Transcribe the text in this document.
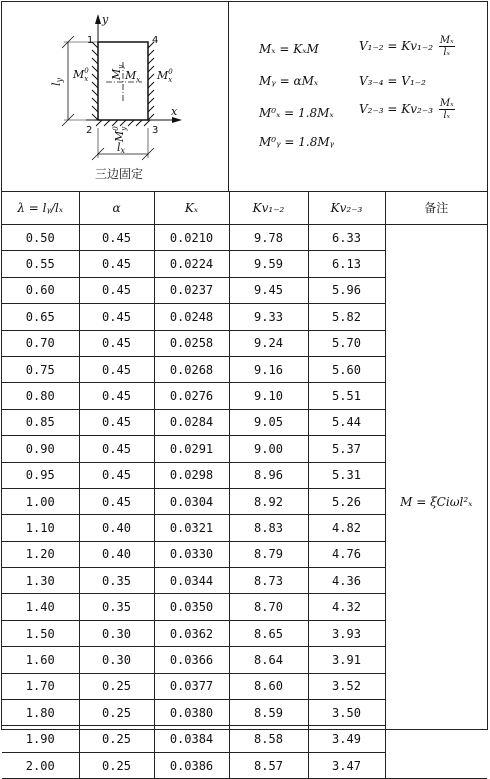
y
x
1	4
2	3
ly
lx
$M_x0$ $M_y$
$M_x$ $M_x0$
$M_y0$
三边固定
Mₓ = KₓM
Mᵧ = αMₓ
M⁰ₓ = 1.8Mₓ
M⁰ᵧ = 1.8Mᵧ
$V_{1-2} = Kv_{1-2} \frac{\text{Mₓ}}{\text{lₓ}}$
V₃₋₄ = V₁₋₂
$V_{2-3} = Kv_{2-3} \frac{\text{Mₓ}}{\text{lₓ}}$
λ = lᵧ/lₓ	α	Kₓ	Kv₁₋₂	Kv₂₋₃	备注
0.50	0.45	0.0210	9.78	6.33	M = ξCiωl²ₓ
0.55	0.45	0.0224	9.59	6.13	
0.60	0.45	0.0237	9.45	5.96	
0.65	0.45	0.0248	9.33	5.82	
0.70	0.45	0.0258	9.24	5.70	
0.75	0.45	0.0268	9.16	5.60	
0.80	0.45	0.0276	9.10	5.51	
0.85	0.45	0.0284	9.05	5.44	
0.90	0.45	0.0291	9.00	5.37	
0.95	0.45	0.0298	8.96	5.31	
1.00	0.45	0.0304	8.92	5.26	
1.10	0.40	0.0321	8.83	4.82	
1.20	0.40	0.0330	8.79	4.76	
1.30	0.35	0.0344	8.73	4.36	
1.40	0.35	0.0350	8.70	4.32	
1.50	0.30	0.0362	8.65	3.93	
1.60	0.30	0.0366	8.64	3.91	
1.70	0.25	0.0377	8.60	3.52	
1.80	0.25	0.0380	8.59	3.50	
1.90	0.25	0.0384	8.58	3.49	
2.00	0.25	0.0386	8.57	3.47	
